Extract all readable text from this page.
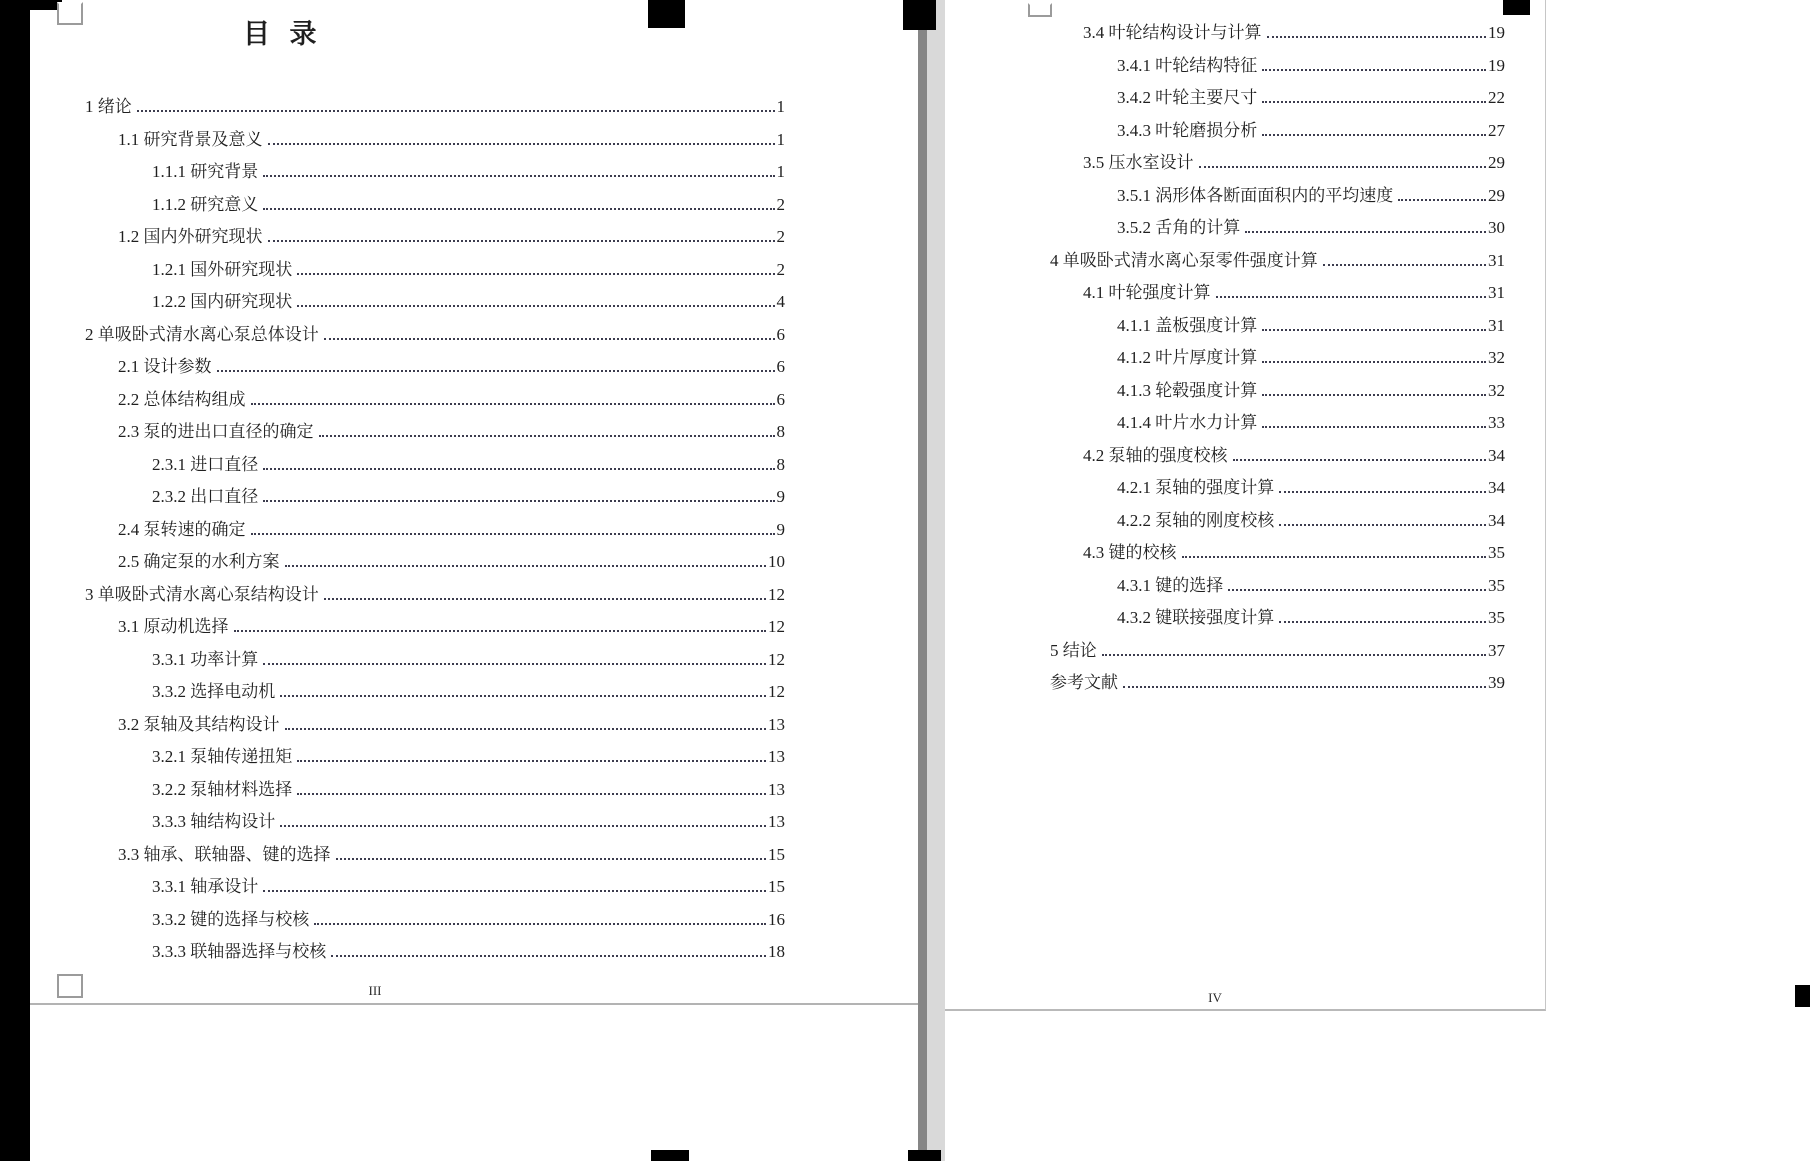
目  录
1 绪论	1
1.1 研究背景及意义	1
1.1.1 研究背景	1
1.1.2 研究意义	2
1.2 国内外研究现状	2
1.2.1 国外研究现状	2
1.2.2 国内研究现状	4
2 单吸卧式清水离心泵总体设计	6
2.1 设计参数	6
2.2 总体结构组成	6
2.3 泵的进出口直径的确定	8
2.3.1 进口直径	8
2.3.2 出口直径	9
2.4 泵转速的确定	9
2.5 确定泵的水利方案	10
3 单吸卧式清水离心泵结构设计	12
3.1 原动机选择	12
3.3.1 功率计算	12
3.3.2 选择电动机	12
3.2 泵轴及其结构设计	13
3.2.1 泵轴传递扭矩	13
3.2.2 泵轴材料选择	13
3.3.3 轴结构设计	13
3.3 轴承、联轴器、键的选择	15
3.3.1 轴承设计	15
3.3.2 键的选择与校核	16
3.3.3 联轴器选择与校核	18
III
3.4 叶轮结构设计与计算	19
3.4.1 叶轮结构特征	19
3.4.2 叶轮主要尺寸	22
3.4.3 叶轮磨损分析	27
3.5 压水室设计	29
3.5.1 涡形体各断面面积内的平均速度	29
3.5.2 舌角的计算	30
4 单吸卧式清水离心泵零件强度计算	31
4.1 叶轮强度计算	31
4.1.1 盖板强度计算	31
4.1.2 叶片厚度计算	32
4.1.3 轮毂强度计算	32
4.1.4 叶片水力计算	33
4.2 泵轴的强度校核	34
4.2.1 泵轴的强度计算	34
4.2.2 泵轴的刚度校核	34
4.3 键的校核	35
4.3.1 键的选择	35
4.3.2 键联接强度计算	35
5 结论	37
参考文献	39
IV
